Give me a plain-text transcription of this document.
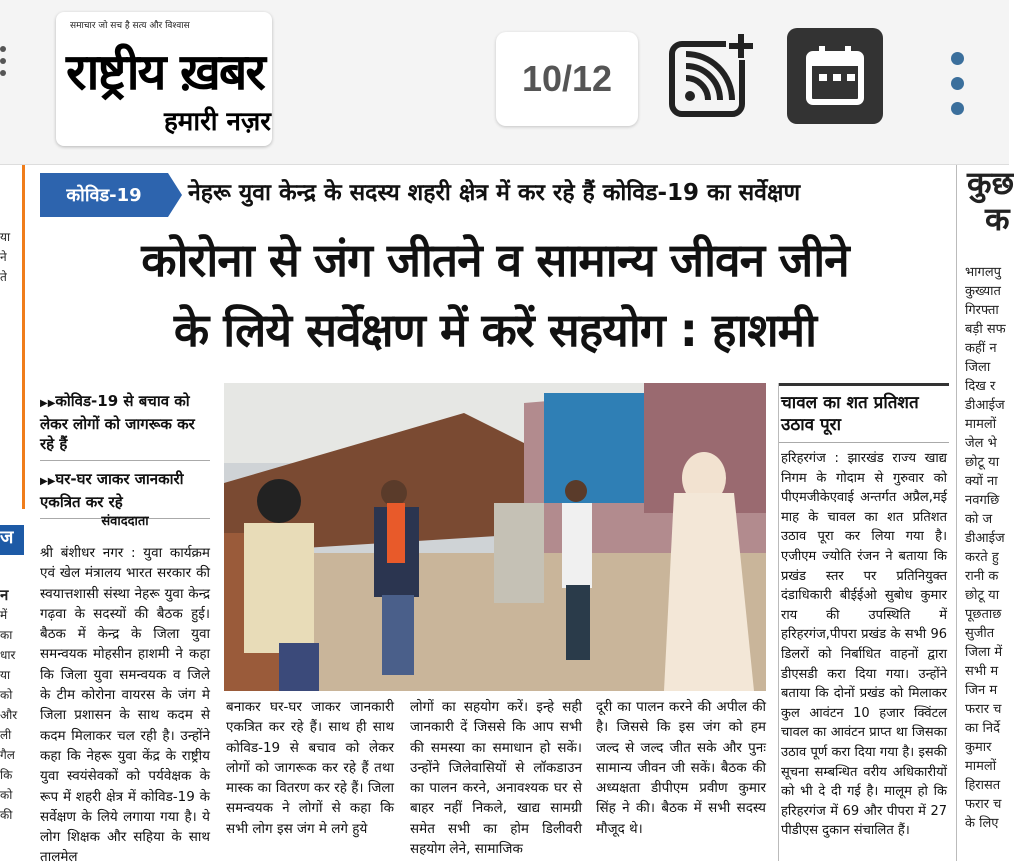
समाचार जो सच है सत्य और विश्वास
राष्ट्रीय ख़बर
हमारी नज़र
10/12
या
ने
ते
ज
न
में
का
धार
या
को
और
ली
गैल
कि
को
की
कोविड-19	नेहरू युवा केन्द्र के सदस्य शहरी क्षेत्र में कर रहे हैं कोविड-19 का सर्वेक्षण
कोरोना से जंग जीतने व सामान्य जीवन जीने
के लिये सर्वेक्षण में करें सहयोग : हाशमी
▶▶ कोविड-19 से बचाव को लेकर लोगों को जागरूक कर रहे हैं
▶▶ घर-घर जाकर जानकारी एकत्रित कर रहे
संवाददाता
श्री बंशीधर नगर : युवा कार्यक्रम एवं खेल मंत्रालय भारत सरकार की स्वयात्तशासी संस्था नेहरू युवा केन्द्र गढ़वा के सदस्यों की बैठक हुई। बैठक में केन्द्र के जिला युवा समन्वयक मोहसीन हाशमी ने कहा कि जिला युवा समन्वयक व जिले के टीम कोरोना वायरस के जंग मे जिला प्रशासन के साथ कदम से कदम मिलाकर चल रही है। उन्होंने कहा कि नेहरू युवा केंद्र के राष्ट्रीय युवा स्वयंसेवकों को पर्यवेक्षक के रूप में शहरी क्षेत्र में कोविड-19 के सर्वेक्षण के लिये लगाया गया है। ये लोग शिक्षक और सहिया के साथ तालमेल
बनाकर घर-घर जाकर जानकारी एकत्रित कर रहे हैं। साथ ही साथ कोविड-19 से बचाव को लेकर लोगों को जागरूक कर रहे हैं तथा मास्क का वितरण कर रहे हैं। जिला समन्वयक ने लोगों से कहा कि सभी लोग इस जंग मे लगे हुये
लोगों का सहयोग करें। इन्हे सही जानकारी दें जिससे कि आप सभी की समस्या का समाधान हो सकें। उन्होंने जिलेवासियों से लॉकडाउन का पालन करने, अनावश्यक घर से बाहर नहीं निकले, खाद्य सामग्री समेत सभी का होम डिलीवरी सहयोग लेने, सामाजिक
दूरी का पालन करने की अपील की है। जिससे कि इस जंग को हम जल्द से जल्द जीत सके और पुनः सामान्य जीवन जी सकें। बैठक की अध्यक्षता डीपीएम प्रवीण कुमार सिंह ने की। बैठक में सभी सदस्य मौजूद थे।
चावल का शत प्रतिशत उठाव पूरा
हरिहरगंज : झारखंड राज्य खाद्य निगम के गोदाम से गुरुवार को पीएमजीकेएवाई अन्तर्गत अप्रैल,मई माह के चावल का शत प्रतिशत उठाव पूरा कर लिया गया है। एजीएम ज्योति रंजन ने बताया कि प्रखंड स्तर पर प्रतिनियुक्त दंडाधिकारी बीईईओ सुबोध कुमार राय की उपस्थिति में हरिहरगंज,पीपरा प्रखंड के सभी 96 डिलरों को निर्बाधित वाहनों द्वारा डीएसडी करा दिया गया। उन्होंने बताया कि दोनों प्रखंड को मिलाकर कुल आवंटन 10 हजार क्विंटल चावल का आवंटन प्राप्त था जिसका उठाव पूर्ण करा दिया गया है। इसकी सूचना सम्बन्धित वरीय अधिकारीयों को भी दे दी गई है। मालूम हो कि हरिहरगंज में 69 और पीपरा में 27 पीडीएस दुकान संचालित हैं।
कुछ
क
भागलपु
कुख्यात
गिरफ्ता
बड़ी सफ
कहीं न
जिला
दिख र
डीआईज
मामलों
जेल भे
छोटू या
क्यों ना
नवगछि
को ज
डीआईज
करते हु
रानी क
छोटू या
पूछताछ
सुजीत
जिला में
सभी म
जिन म
फरार च
का निर्दे
कुमार
मामलों
हिरासत
फरार च
के लिए
